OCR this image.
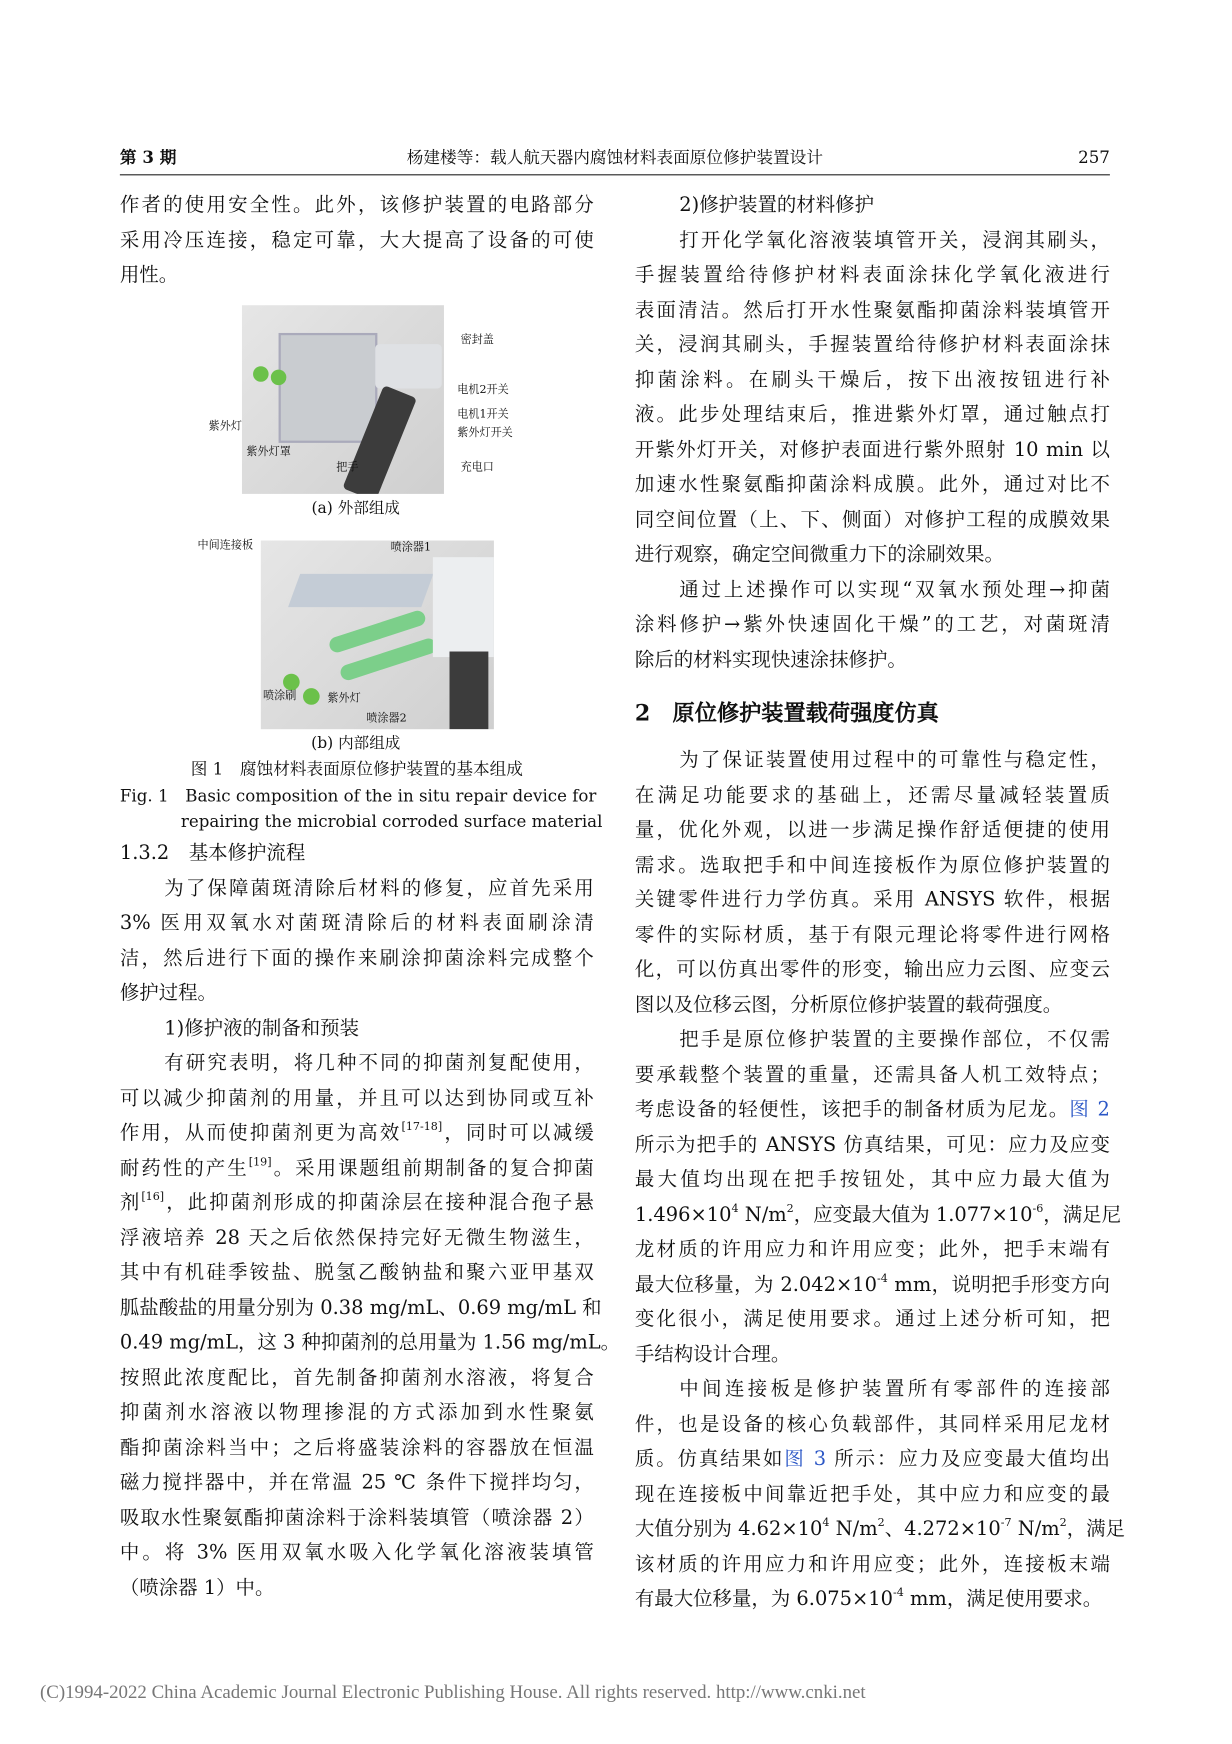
第 3 期	杨建楼等：载人航天器内腐蚀材料表面原位修护装置设计	257
作者的使用安全性。此外，该修护装置的电路部分
采用冷压连接，稳定可靠，大大提高了设备的可使
用性。
密封盖
电机2开关
电机1开关
紫外灯开关
充电口
紫外灯
紫外灯罩
把手
(a) 外部组成
中间连接板	喷涂器1
喷涂刷	紫外灯
喷涂器2
(b) 内部组成
图 1　腐蚀材料表面原位修护装置的基本组成
Fig. 1　Basic composition of the in situ repair device for
repairing the microbial corroded surface material
1.3.2　基本修护流程
为了保障菌斑清除后材料的修复，应首先采用
3% 医用双氧水对菌斑清除后的材料表面刷涂清
洁，然后进行下面的操作来刷涂抑菌涂料完成整个
修护过程。
1)修护液的制备和预装
有研究表明，将几种不同的抑菌剂复配使用，
可以减少抑菌剂的用量，并且可以达到协同或互补
作用，从而使抑菌剂更为高效[17-18]，同时可以减缓
耐药性的产生[19]。采用课题组前期制备的复合抑菌
剂[16]，此抑菌剂形成的抑菌涂层在接种混合孢子悬
浮液培养 28 天之后依然保持完好无微生物滋生，
其中有机硅季铵盐、脱氢乙酸钠盐和聚六亚甲基双
胍盐酸盐的用量分别为 0.38 mg/mL、0.69 mg/mL 和
0.49 mg/mL，这 3 种抑菌剂的总用量为 1.56 mg/mL。
按照此浓度配比，首先制备抑菌剂水溶液，将复合
抑菌剂水溶液以物理掺混的方式添加到水性聚氨
酯抑菌涂料当中；之后将盛装涂料的容器放在恒温
磁力搅拌器中，并在常温 25 ℃ 条件下搅拌均匀，
吸取水性聚氨酯抑菌涂料于涂料装填管（喷涂器 2）
中。将 3% 医用双氧水吸入化学氧化溶液装填管
（喷涂器 1）中。
2)修护装置的材料修护
打开化学氧化溶液装填管开关，浸润其刷头，
手握装置给待修护材料表面涂抹化学氧化液进行
表面清洁。然后打开水性聚氨酯抑菌涂料装填管开
关，浸润其刷头，手握装置给待修护材料表面涂抹
抑菌涂料。在刷头干燥后，按下出液按钮进行补
液。此步处理结束后，推进紫外灯罩，通过触点打
开紫外灯开关，对修护表面进行紫外照射 10 min 以
加速水性聚氨酯抑菌涂料成膜。此外，通过对比不
同空间位置（上、下、侧面）对修护工程的成膜效果
进行观察，确定空间微重力下的涂刷效果。
通过上述操作可以实现“双氧水预处理→抑菌
涂料修护→紫外快速固化干燥”的工艺，对菌斑清
除后的材料实现快速涂抹修护。
2　原位修护装置载荷强度仿真
为了保证装置使用过程中的可靠性与稳定性，
在满足功能要求的基础上，还需尽量减轻装置质
量，优化外观，以进一步满足操作舒适便捷的使用
需求。选取把手和中间连接板作为原位修护装置的
关键零件进行力学仿真。采用 ANSYS 软件，根据
零件的实际材质，基于有限元理论将零件进行网格
化，可以仿真出零件的形变，输出应力云图、应变云
图以及位移云图，分析原位修护装置的载荷强度。
把手是原位修护装置的主要操作部位，不仅需
要承载整个装置的重量，还需具备人机工效特点；
考虑设备的轻便性，该把手的制备材质为尼龙。图 2
所示为把手的 ANSYS 仿真结果，可见：应力及应变
最大值均出现在把手按钮处，其中应力最大值为
$1.496\times 10^4$ $N/m^2$，应变最大值为 $1.077\times 10^{-6}$，满足尼
龙材质的许用应力和许用应变；此外，把手末端有
最大位移量，为 $2.042\times 10^{-4}$ mm，说明把手形变方向
变化很小，满足使用要求。通过上述分析可知，把
手结构设计合理。
中间连接板是修护装置所有零部件的连接部
件，也是设备的核心负载部件，其同样采用尼龙材
质。仿真结果如图 3 所示：应力及应变最大值均出
现在连接板中间靠近把手处，其中应力和应变的最
大值分别为 $4.62\times 10^4$ $N/m^2$、$4.272\times 10^{-7}$ $N/m^2$，满足
该材质的许用应力和许用应变；此外，连接板末端
有最大位移量，为 $6.075\times 10^{-4}$ mm，满足使用要求。
(C)1994-2022 China Academic Journal Electronic Publishing House. All rights reserved. http://www.cnki.net
